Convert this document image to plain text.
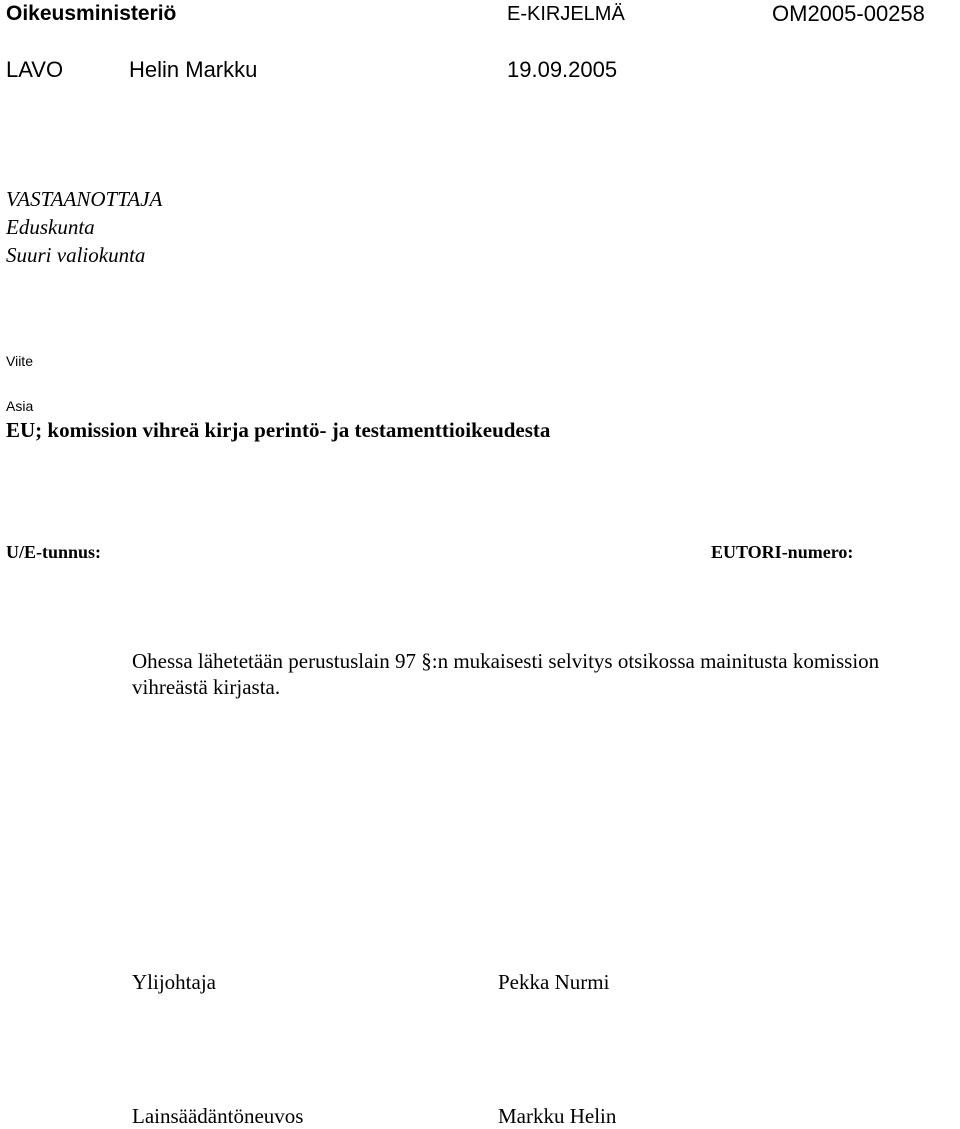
Oikeusministeriö	E-KIRJELMÄ	OM2005-00258
LAVO	Helin Markku	19.09.2005
VASTAANOTTAJA
Eduskunta
Suuri valiokunta
Viite
Asia
EU; komission vihreä kirja perintö- ja testamenttioikeudesta
U/E-tunnus:	EUTORI-numero:
Ohessa lähetetään perustuslain 97 §:n mukaisesti selvitys otsikossa mainitusta komission vihreästä kirjasta.
Ylijohtaja	Pekka Nurmi
Lainsäädäntöneuvos	Markku Helin
